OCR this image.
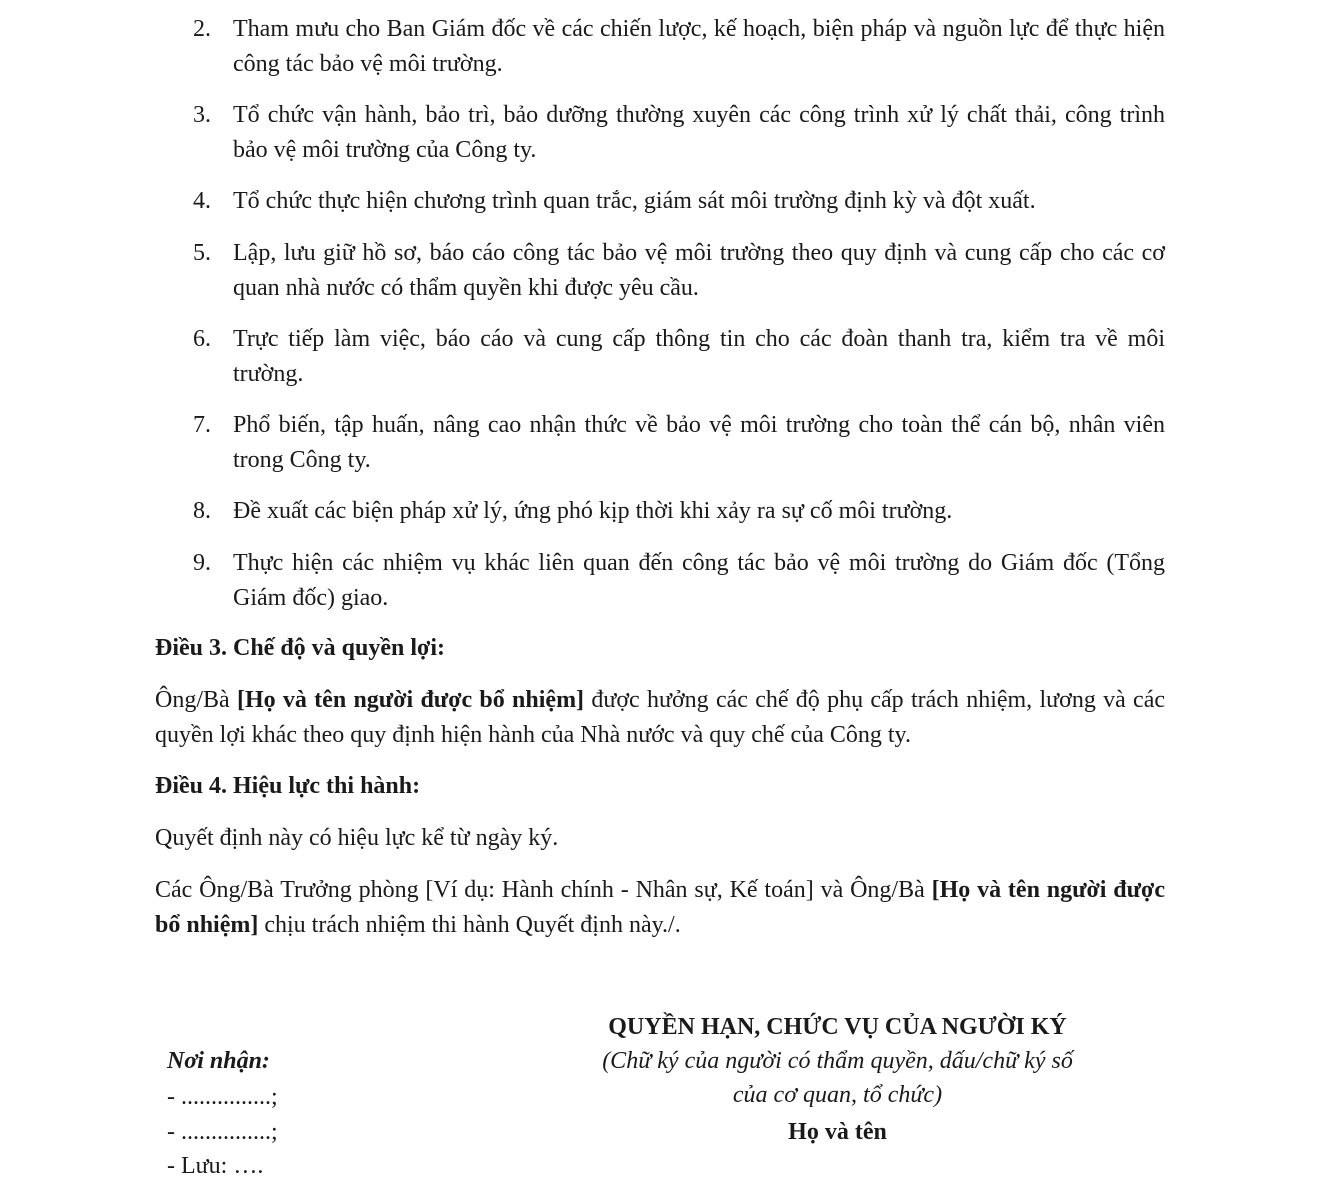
2. Tham mưu cho Ban Giám đốc về các chiến lược, kế hoạch, biện pháp và nguồn lực để thực hiện công tác bảo vệ môi trường.
3. Tổ chức vận hành, bảo trì, bảo dưỡng thường xuyên các công trình xử lý chất thải, công trình bảo vệ môi trường của Công ty.
4. Tổ chức thực hiện chương trình quan trắc, giám sát môi trường định kỳ và đột xuất.
5. Lập, lưu giữ hồ sơ, báo cáo công tác bảo vệ môi trường theo quy định và cung cấp cho các cơ quan nhà nước có thẩm quyền khi được yêu cầu.
6. Trực tiếp làm việc, báo cáo và cung cấp thông tin cho các đoàn thanh tra, kiểm tra về môi trường.
7. Phổ biến, tập huấn, nâng cao nhận thức về bảo vệ môi trường cho toàn thể cán bộ, nhân viên trong Công ty.
8. Đề xuất các biện pháp xử lý, ứng phó kịp thời khi xảy ra sự cố môi trường.
9. Thực hiện các nhiệm vụ khác liên quan đến công tác bảo vệ môi trường do Giám đốc (Tổng Giám đốc) giao.
Điều 3. Chế độ và quyền lợi:
Ông/Bà [Họ và tên người được bổ nhiệm] được hưởng các chế độ phụ cấp trách nhiệm, lương và các quyền lợi khác theo quy định hiện hành của Nhà nước và quy chế của Công ty.
Điều 4. Hiệu lực thi hành:
Quyết định này có hiệu lực kể từ ngày ký.
Các Ông/Bà Trưởng phòng [Ví dụ: Hành chính - Nhân sự, Kế toán] và Ông/Bà [Họ và tên người được bổ nhiệm] chịu trách nhiệm thi hành Quyết định này./.
QUYỀN HẠN, CHỨC VỤ CỦA NGƯỜI KÝ
(Chữ ký của người có thẩm quyền, dấu/chữ ký số
của cơ quan, tổ chức)
Họ và tên
Nơi nhận:
- ...............;
- ...............;
- Lưu: ….
